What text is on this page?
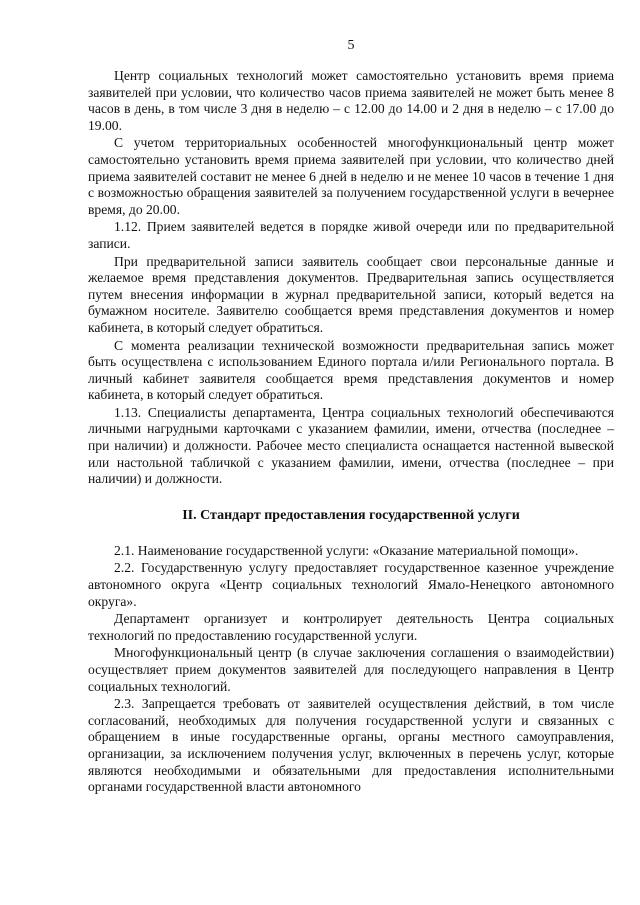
5

Центр социальных технологий может самостоятельно установить время приема заявителей при условии, что количество часов приема заявителей не может быть менее 8 часов в день, в том числе 3 дня в неделю – с 12.00 до 14.00 и 2 дня в неделю – с 17.00 до 19.00.

С учетом территориальных особенностей многофункциональный центр может самостоятельно установить время приема заявителей при условии, что количество дней приема заявителей составит не менее 6 дней в неделю и не менее 10 часов в течение 1 дня с возможностью обращения заявителей за получением государственной услуги в вечернее время, до 20.00.

1.12. Прием заявителей ведется в порядке живой очереди или по предварительной записи.

При предварительной записи заявитель сообщает свои персональные данные и желаемое время представления документов. Предварительная запись осуществляется путем внесения информации в журнал предварительной записи, который ведется на бумажном носителе. Заявителю сообщается время представления документов и номер кабинета, в который следует обратиться.

С момента реализации технической возможности предварительная запись может быть осуществлена с использованием Единого портала и/или Регионального портала. В личный кабинет заявителя сообщается время представления документов и номер кабинета, в который следует обратиться.

1.13. Специалисты департамента, Центра социальных технологий обеспечиваются личными нагрудными карточками с указанием фамилии, имени, отчества (последнее – при наличии) и должности. Рабочее место специалиста оснащается настенной вывеской или настольной табличкой с указанием фамилии, имени, отчества (последнее – при наличии) и должности.

II. Стандарт предоставления государственной услуги

2.1. Наименование государственной услуги: «Оказание материальной помощи».

2.2. Государственную услугу предоставляет государственное казенное учреждение автономного округа «Центр социальных технологий Ямало-Ненецкого автономного округа».

Департамент организует и контролирует деятельность Центра социальных технологий по предоставлению государственной услуги.

Многофункциональный центр (в случае заключения соглашения о взаимодействии) осуществляет прием документов заявителей для последующего направления в Центр социальных технологий.

2.3. Запрещается требовать от заявителей осуществления действий, в том числе согласований, необходимых для получения государственной услуги и связанных с обращением в иные государственные органы, органы местного самоуправления, организации, за исключением получения услуг, включенных в перечень услуг, которые являются необходимыми и обязательными для предоставления исполнительными органами государственной власти автономного
